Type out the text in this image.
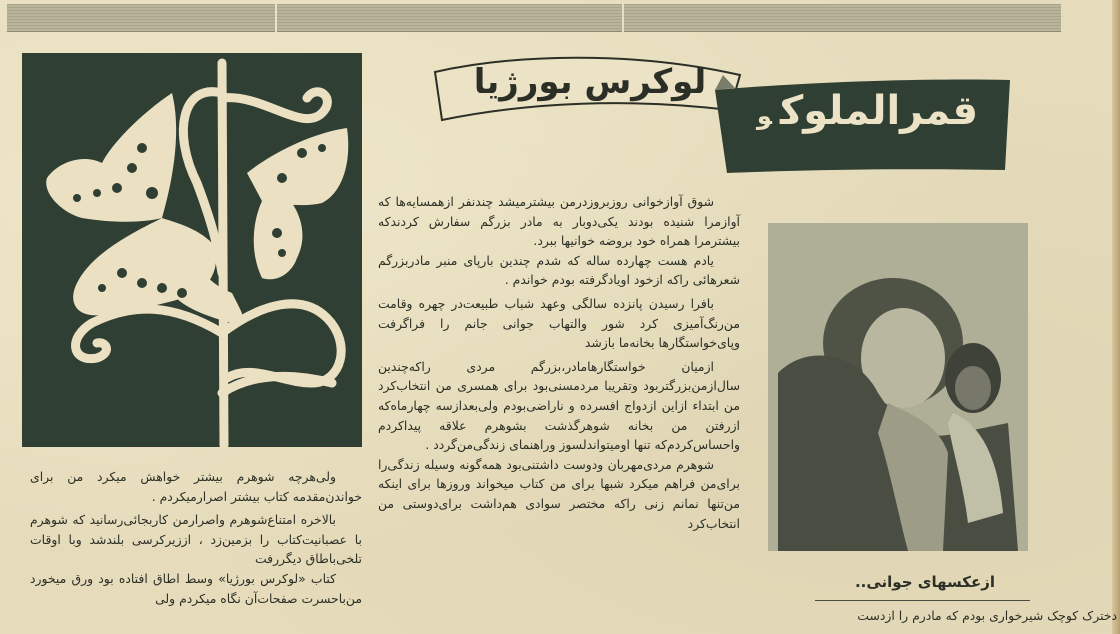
لوکرس بورژیا
قمرالملوکو

شوق آوازخوانی روزبروزدرمن بیشترمیشد چندنفر ازهمسایه‌ها که آوازمرا شنیده بودند یکی‌دوبار به مادر بزرگم سفارش کردندکه بیشترمرا همراه خود بروضه خوانیها ببرد.

یادم هست چهارده ساله که شدم چندین بارپای منبر مادربزرگم شعرهائی راکه ازخود اویادگرفته بودم خواندم .

بافرا رسیدن پانزده سالگی وعهد شباب طبیعت‌در چهره وقامت من‌رنگ‌آمیزی کرد شور والتهاب جوانی جانم را فراگرفت وپای‌خواستگارها بخانه‌ما بازشد

ازمیان خواستگارهامادر،بزرگم مردی راکه‌چندین سال‌ازمن‌بزرگتربود وتقریبا مردمسنی‌بود برای همسری من انتخاب‌کرد من ابتداء ازاین ازدواج افسرده و ناراضی‌بودم ولی‌بعدازسه چهارماه‌که ازرفتن من بخانه شوهرگذشت بشوهرم علاقه پیداکردم واحساس‌کردم‌که تنها اومیتواندلسوز وراهنمای زندگی‌من‌گردد .

شوهرم مردی‌مهربان ودوست داشتنی‌بود همه‌گونه وسیله زندگی‌را برای‌من فراهم میکرد شبها برای من کتاب میخواند وروزها برای اینکه من‌تنها نمانم زنی راکه مختصر سوادی هم‌داشت برای‌دوستی من انتخاب‌کرد

ولی‌هرچه شوهرم بیشتر خواهش میکرد من برای خواندن‌مقدمه کتاب بیشتر اصرارمیکردم .

بالاخره امتناع‌شوهرم واصرارمن کاربجائی‌رسانید که شوهرم با عصبانیت‌کتاب را بزمین‌زد ، اززیرکرسی بلندشد وبا اوقات تلخی‌باطاق دیگررفت

کتاب «لوکرس بورژیا» وسط اطاق افتاده بود ورق میخورد من‌باحسرت صفحات‌آن نگاه میکردم ولی

ازعکسهای جوانی..
دخترک کوچک شیرخواری بودم که مادرم را ازدست
